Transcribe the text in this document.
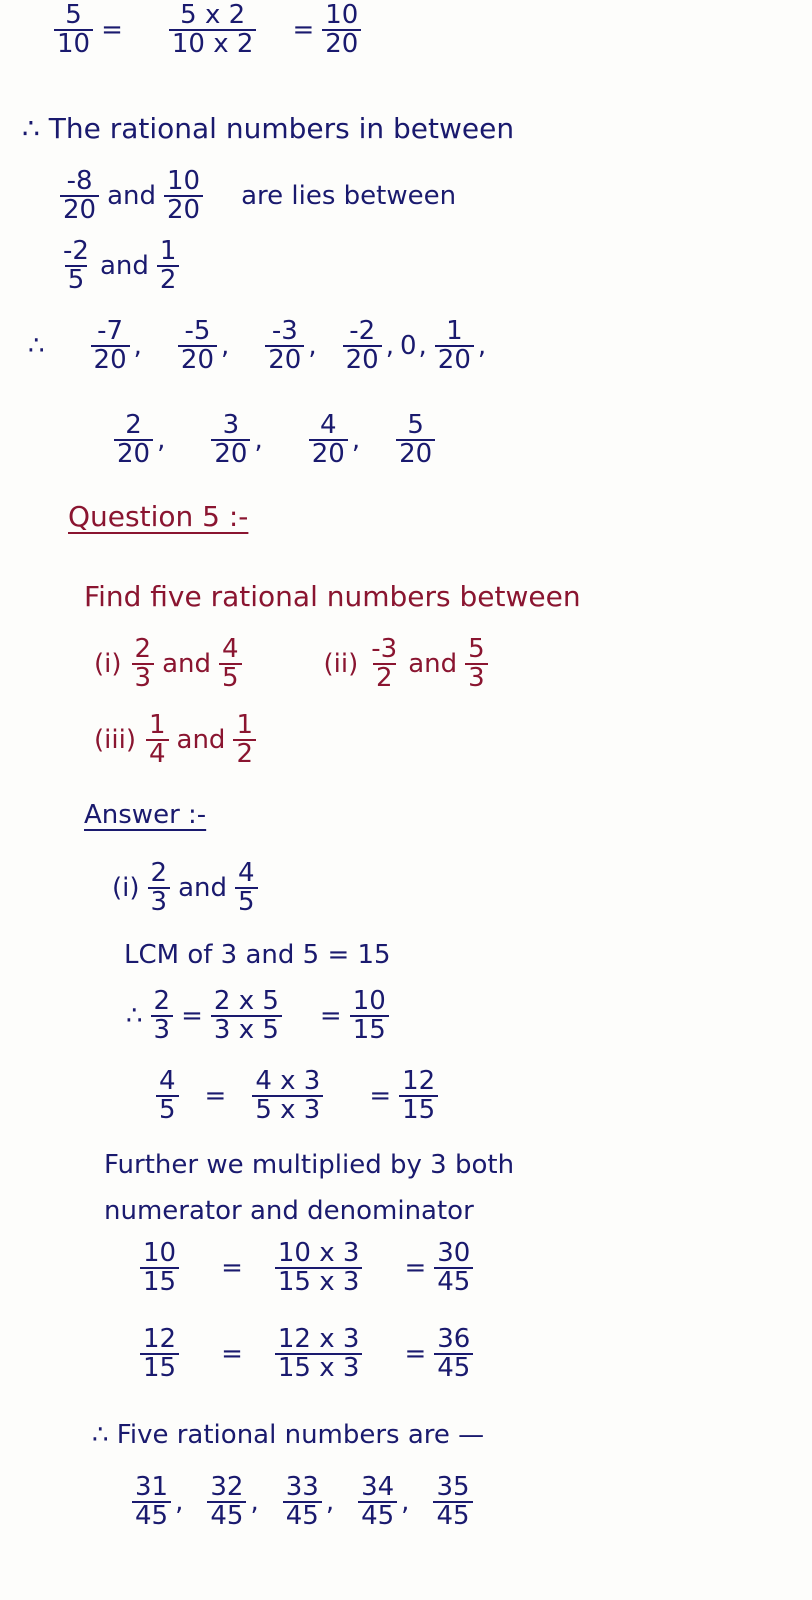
$\frac{5}{10} = \frac{5 x 2}{10 x 2} = \frac{10}{20}$
∴ The rational numbers in between
$\frac{-8}{20}$ and $\frac{10}{20}$ are lies between
$\frac{-2}{5}$ and $\frac{1}{2}$
∴ $\frac{-7}{20}$ , $\frac{-5}{20}$ , $\frac{-3}{20}$ , $\frac{-2}{20}$ , 0 , $\frac{1}{20}$ ,
$\frac{2}{20}$ , $\frac{3}{20}$ , $\frac{4}{20}$ , $\frac{5}{20}$
Question 5 :-
Find five rational numbers between
$(i) \frac{2}{3}$ and $\frac{4}{5}$	$(ii) \frac{-3}{2}$ and $\frac{5}{3}$
$(iii) \frac{1}{4}$ and $\frac{1}{2}$
Answer :-
$(i) \frac{2}{3}$ and $\frac{4}{5}$
LCM of 3 and 5 = 15
∴ $\frac{2}{3} = \frac{2 x 5}{3 x 5} = \frac{10}{15}$
$\frac{4}{5} = \frac{4 x 3}{5 x 3} = \frac{12}{15}$
Further we multiplied by 3 both
numerator and denominator
$\frac{10}{15} = \frac{10 x 3}{15 x 3} = \frac{30}{45}$
$\frac{12}{15} = \frac{12 x 3}{15 x 3} = \frac{36}{45}$
∴ Five rational numbers are —
$\frac{31}{45}$ , $\frac{32}{45}$ , $\frac{33}{45}$ , $\frac{34}{45}$ , $\frac{35}{45}$
